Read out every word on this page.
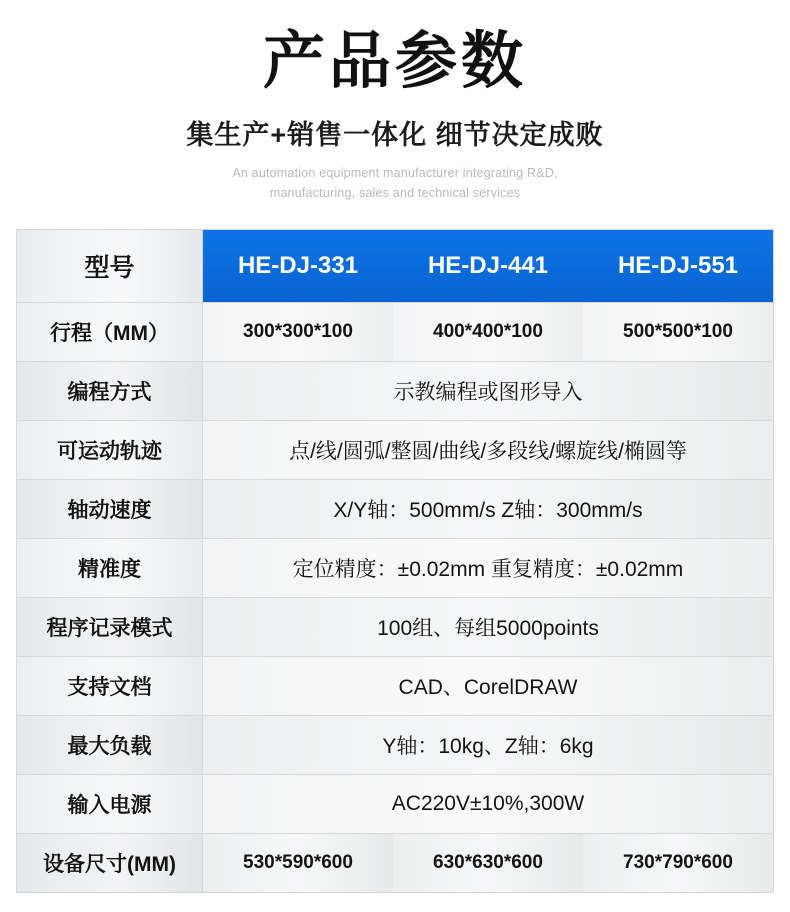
产品参数
集生产+销售一体化 细节决定成败
An automation equipment manufacturer integrating R&D,
manufacturing, sales and technical services
型号	HE-DJ-331	HE-DJ-441	HE-DJ-551
行程（MM）	300*300*100	400*400*100	500*500*100
编程方式	示教编程或图形导入
可运动轨迹	点/线/圆弧/整圆/曲线/多段线/螺旋线/椭圆等
轴动速度	X/Y轴：500mm/s Z轴：300mm/s
精准度	定位精度：±0.02mm 重复精度：±0.02mm
程序记录模式	100组、每组5000points
支持文档	CAD、CorelDRAW
最大负载	Y轴：10kg、Z轴：6kg
输入电源	AC220V±10%,300W
设备尺寸(MM)	530*590*600	630*630*600	730*790*600
